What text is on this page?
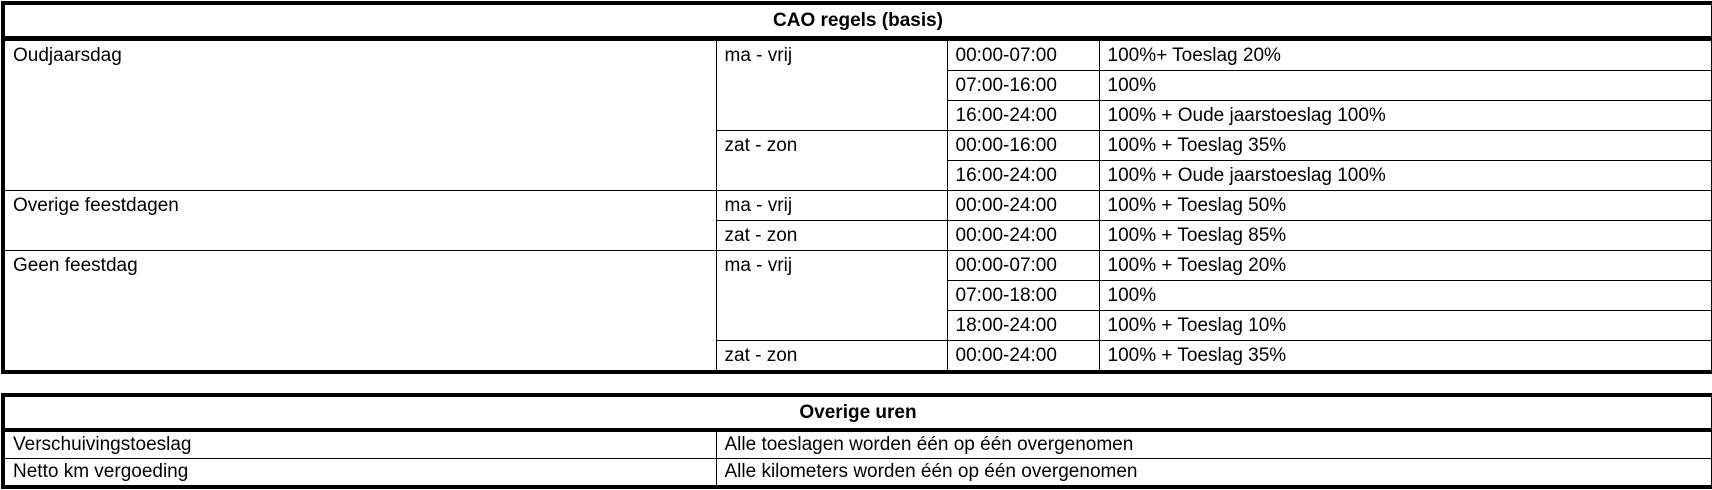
CAO regels (basis)			
Oudjaarsdag	ma - vrij	00:00-07:00	100%+ Toeslag 20%
		07:00-16:00	100%
		16:00-24:00	100% + Oude jaarstoeslag 100%
	zat - zon	00:00-16:00	100% + Toeslag 35%
		16:00-24:00	100% + Oude jaarstoeslag 100%
Overige feestdagen	ma - vrij	00:00-24:00	100% + Toeslag 50%
	zat - zon	00:00-24:00	100% + Toeslag 85%
Geen feestdag	ma - vrij	00:00-07:00	100% + Toeslag 20%
		07:00-18:00	100%
		18:00-24:00	100% + Toeslag 10%
	zat - zon	00:00-24:00	100% + Toeslag 35%
Overige uren	
Verschuivingstoeslag	Alle toeslagen worden één op één overgenomen
Netto km vergoeding	Alle kilometers worden één op één overgenomen
